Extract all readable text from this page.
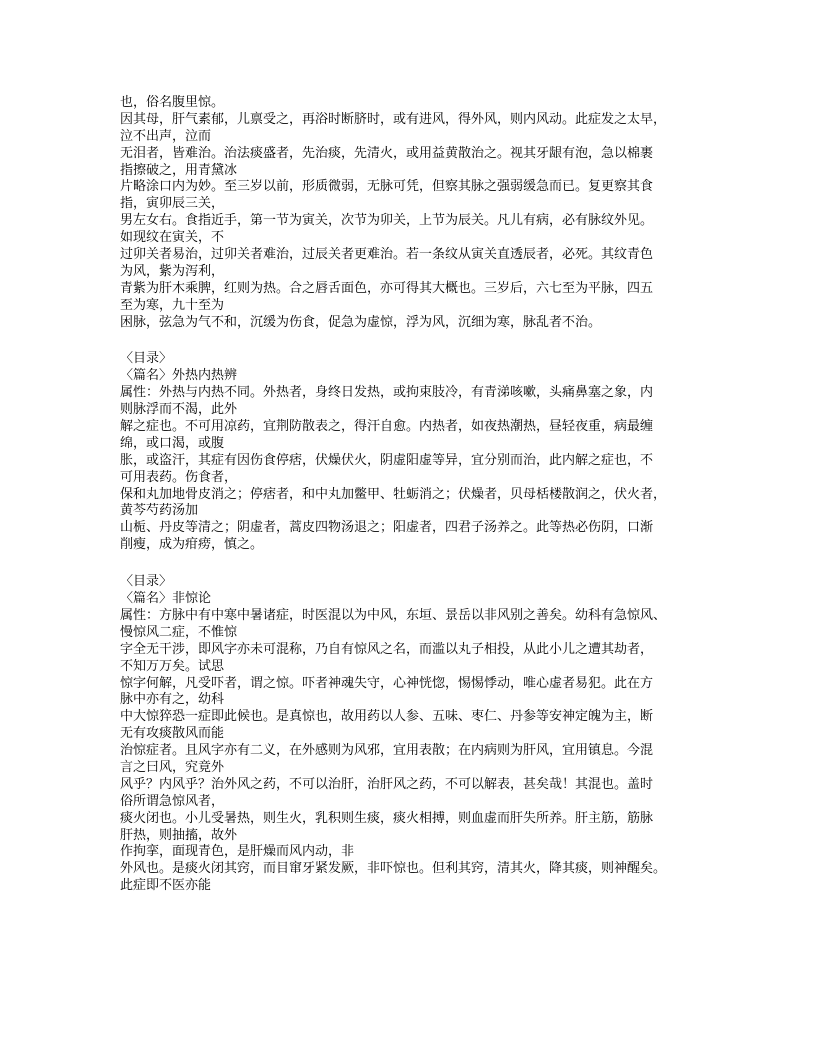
也，俗名腹里惊。
因其母，肝气素郁，儿禀受之，再浴时断脐时，或有进风，得外风，则内风动。此症发之太早，
泣不出声，泣而
无泪者，皆难治。治法痰盛者，先治痰，先清火，或用益黄散治之。视其牙龈有泡，急以棉裹
指擦破之，用青黛冰
片略涂口内为妙。至三岁以前，形质微弱，无脉可凭，但察其脉之强弱缓急而已。复更察其食
指，寅卯辰三关，
男左女右。食指近手，第一节为寅关，次节为卯关，上节为辰关。凡儿有病，必有脉纹外见。
如现纹在寅关，不
过卯关者易治，过卯关者难治，过辰关者更难治。若一条纹从寅关直透辰者，必死。其纹青色
为风，紫为泻利，
青紫为肝木乘脾，红则为热。合之唇舌面色，亦可得其大概也。三岁后，六七至为平脉，四五
至为寒，九十至为
困脉，弦急为气不和，沉缓为伤食，促急为虚惊，浮为风，沉细为寒，脉乱者不治。
〈目录〉
〈篇名〉外热内热辨
属性：外热与内热不同。外热者，身终日发热，或拘束肢冷，有青涕咳嗽，头痛鼻塞之象，内
则脉浮而不渴，此外
解之症也。不可用凉药，宜荆防散表之，得汗自愈。内热者，如夜热潮热，昼轻夜重，病最缠
绵，或口渴，或腹
胀，或盗汗，其症有因伤食停痞，伏燥伏火，阴虚阳虚等异，宜分别而治，此内解之症也，不
可用表药。伤食者，
保和丸加地骨皮消之；停痞者，和中丸加鳖甲、牡蛎消之；伏燥者，贝母栝楼散润之，伏火者，
黄芩芍药汤加
山栀、丹皮等清之；阴虚者，蒿皮四物汤退之；阳虚者，四君子汤养之。此等热必伤阴，口渐
削瘦，成为疳痨，慎之。
〈目录〉
〈篇名〉非惊论
属性：方脉中有中寒中暑诸症，时医混以为中风，东垣、景岳以非风别之善矣。幼科有急惊风、
慢惊风二症，不惟惊
字全无干涉，即风字亦未可混称，乃自有惊风之名，而滥以丸子相投，从此小儿之遭其劫者，
不知万万矣。试思
惊字何解，凡受吓者，谓之惊。吓者神魂失守，心神恍惚，惕惕悸动，唯心虚者易犯。此在方
脉中亦有之，幼科
中大惊猝恐一症即此候也。是真惊也，故用药以人参、五味、枣仁、丹参等安神定魄为主，断
无有攻痰散风而能
治惊症者。且风字亦有二义，在外感则为风邪，宜用表散；在内病则为肝风，宜用镇息。今混
言之曰风，究竟外
风乎？内风乎？治外风之药，不可以治肝，治肝风之药，不可以解表，甚矣哉！其混也。盖时
俗所谓急惊风者，
痰火闭也。小儿受暑热，则生火，乳积则生痰，痰火相搏，则血虚而肝失所养。肝主筋，筋脉
肝热，则抽搐，故外
作拘挛，面现青色，是肝燥而风内动，非
外风也。是痰火闭其窍，而目窜牙紧发厥，非吓惊也。但利其窍，清其火，降其痰，则神醒矣。
此症即不医亦能
